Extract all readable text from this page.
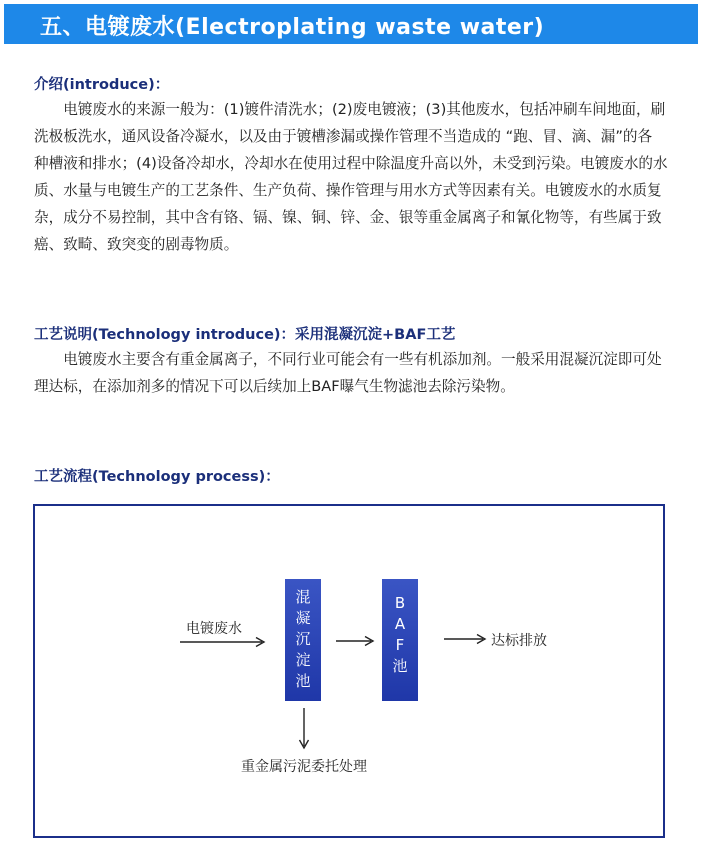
五、电镀废水(Electroplating waste water)
介绍(introduce)：
　　电镀废水的来源一般为：(1)镀件清洗水；(2)废电镀液；(3)其他废水，包括冲刷车间地面，刷
洗极板洗水，通风设备冷凝水，以及由于镀槽渗漏或操作管理不当造成的 “跑、冒、滴、漏”的各
种槽液和排水；(4)设备冷却水，冷却水在使用过程中除温度升高以外，未受到污染。电镀废水的水
质、水量与电镀生产的工艺条件、生产负荷、操作管理与用水方式等因素有关。电镀废水的水质复
杂，成分不易控制，其中含有铬、镉、镍、铜、锌、金、银等重金属离子和氰化物等，有些属于致
癌、致畸、致突变的剧毒物质。
工艺说明(Technology introduce)：采用混凝沉淀+BAF工艺
　　电镀废水主要含有重金属离子，不同行业可能会有一些有机添加剂。一般采用混凝沉淀即可处
理达标，在添加剂多的情况下可以后续加上BAF曝气生物滤池去除污染物。
工艺流程(Technology process)：
电镀废水
混
凝
沉
淀
池
B
A
F
池
达标排放
重金属污泥委托处理
